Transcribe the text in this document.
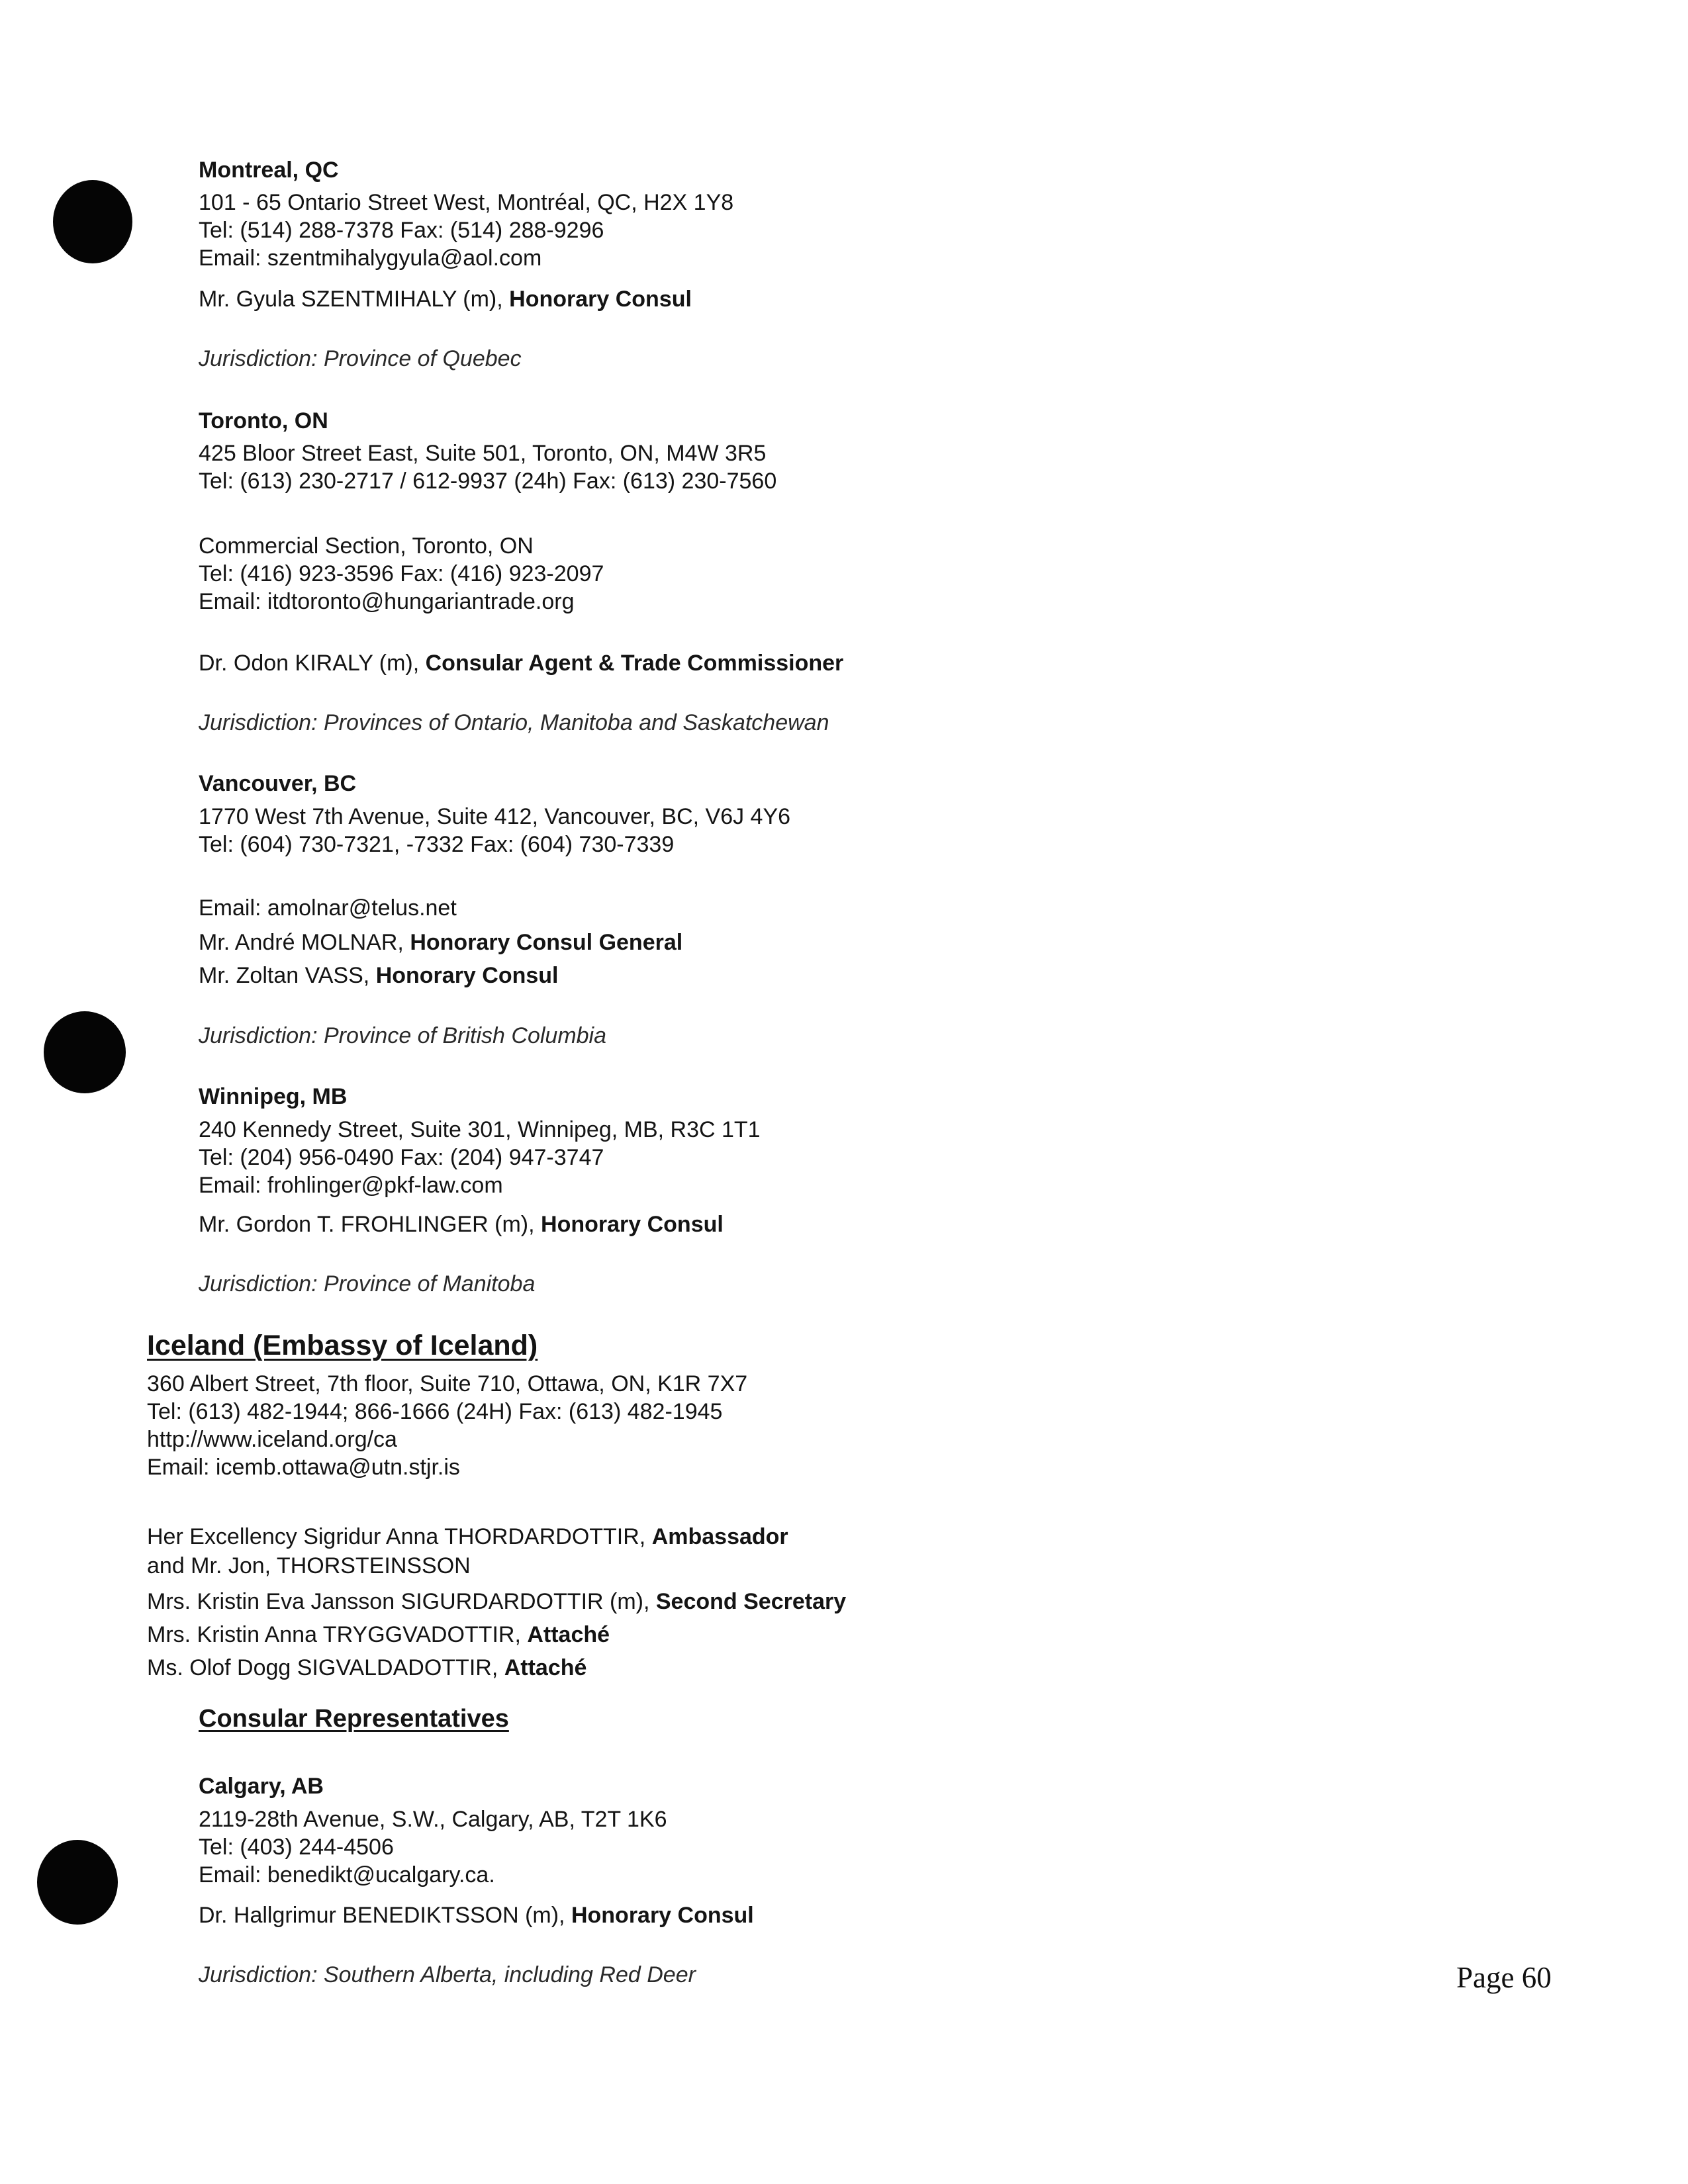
Montreal, QC
101 - 65 Ontario Street West, Montréal, QC, H2X 1Y8
Tel: (514) 288-7378 Fax: (514) 288-9296
Email: szentmihalygyula@aol.com
Mr. Gyula SZENTMIHALY (m), Honorary Consul
Jurisdiction: Province of Quebec
Toronto, ON
425 Bloor Street East, Suite 501, Toronto, ON, M4W 3R5
Tel: (613) 230-2717 / 612-9937 (24h) Fax: (613) 230-7560
Commercial Section, Toronto, ON
Tel: (416) 923-3596 Fax: (416) 923-2097
Email: itdtoronto@hungariantrade.org
Dr. Odon KIRALY (m), Consular Agent & Trade Commissioner
Jurisdiction: Provinces of Ontario, Manitoba and Saskatchewan
Vancouver, BC
1770 West 7th Avenue, Suite 412, Vancouver, BC, V6J 4Y6
Tel: (604) 730-7321, -7332 Fax: (604) 730-7339
Email: amolnar@telus.net
Mr. André MOLNAR, Honorary Consul General
Mr. Zoltan VASS, Honorary Consul
Jurisdiction: Province of British Columbia
Winnipeg, MB
240 Kennedy Street, Suite 301, Winnipeg, MB, R3C 1T1
Tel: (204) 956-0490 Fax: (204) 947-3747
Email: frohlinger@pkf-law.com
Mr. Gordon T. FROHLINGER (m), Honorary Consul
Jurisdiction: Province of Manitoba
Iceland (Embassy of Iceland)
360 Albert Street, 7th floor, Suite 710, Ottawa, ON, K1R 7X7
Tel: (613) 482-1944; 866-1666 (24H) Fax: (613) 482-1945
http://www.iceland.org/ca
Email: icemb.ottawa@utn.stjr.is
Her Excellency Sigridur Anna THORDARDOTTIR, Ambassador
and Mr. Jon, THORSTEINSSON
Mrs. Kristin Eva Jansson SIGURDARDOTTIR (m), Second Secretary
Mrs. Kristin Anna TRYGGVADOTTIR, Attaché
Ms. Olof Dogg SIGVALDADOTTIR, Attaché
Consular Representatives
Calgary, AB
2119-28th Avenue, S.W., Calgary, AB, T2T 1K6
Tel: (403) 244-4506
Email: benedikt@ucalgary.ca.
Dr. Hallgrimur BENEDIKTSSON (m), Honorary Consul
Jurisdiction: Southern Alberta, including Red Deer	Page 60
